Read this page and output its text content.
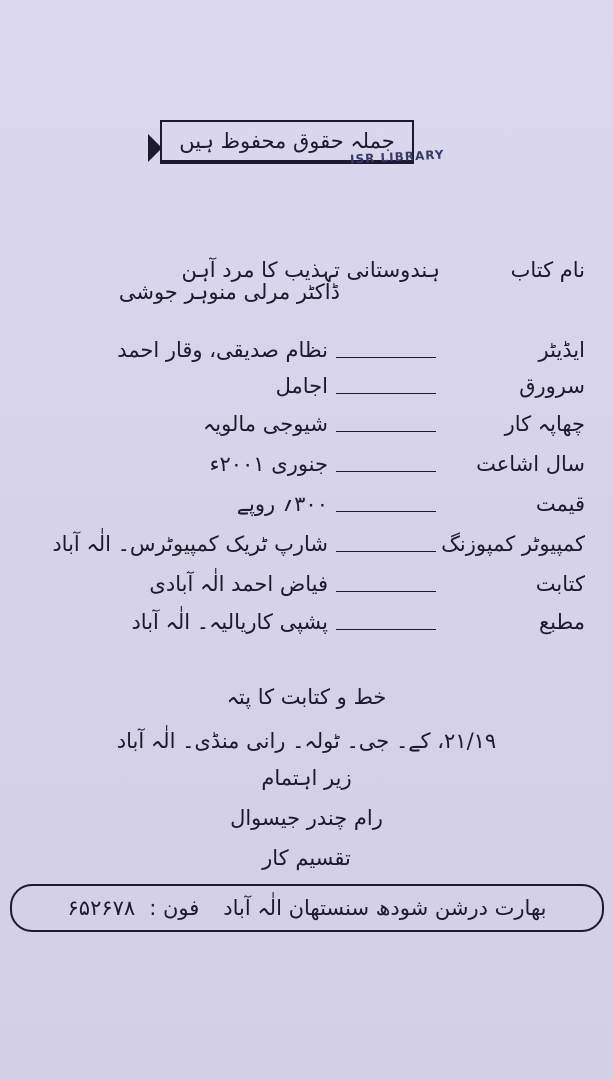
جملہ حقوق محفوظ ہیں
ISR LIBRARY
نام کتاب
ہندوستانی تہذیب کا مرد آہن
ڈاکٹر مرلی منوہر جوشی
ایڈیٹر
نظام صدیقی، وقار احمد
سرورق
اجامل
چھاپہ کار
شیوجی مالویہ
سال اشاعت
جنوری ۲۰۰۱ء
قیمت
۳۰۰؍ روپے
کمپیوٹر کمپوزنگ
شارپ ٹریک کمپیوٹرس۔ الٰہ آباد
کتابت
فیاض احمد الٰہ آبادی
مطبع
پشپی کاریالیہ۔ الٰہ آباد
خط و کتابت کا پتہ
۲۱/۱۹، کے۔ جی۔ ٹولہ۔ رانی منڈی۔ الٰہ آباد
زیر اہتمام
رام چندر جیسوال
تقسیم کار
بھارت درشن شودھ سنستھان الٰہ آباد
فون :
۶۵۲۶۷۸
